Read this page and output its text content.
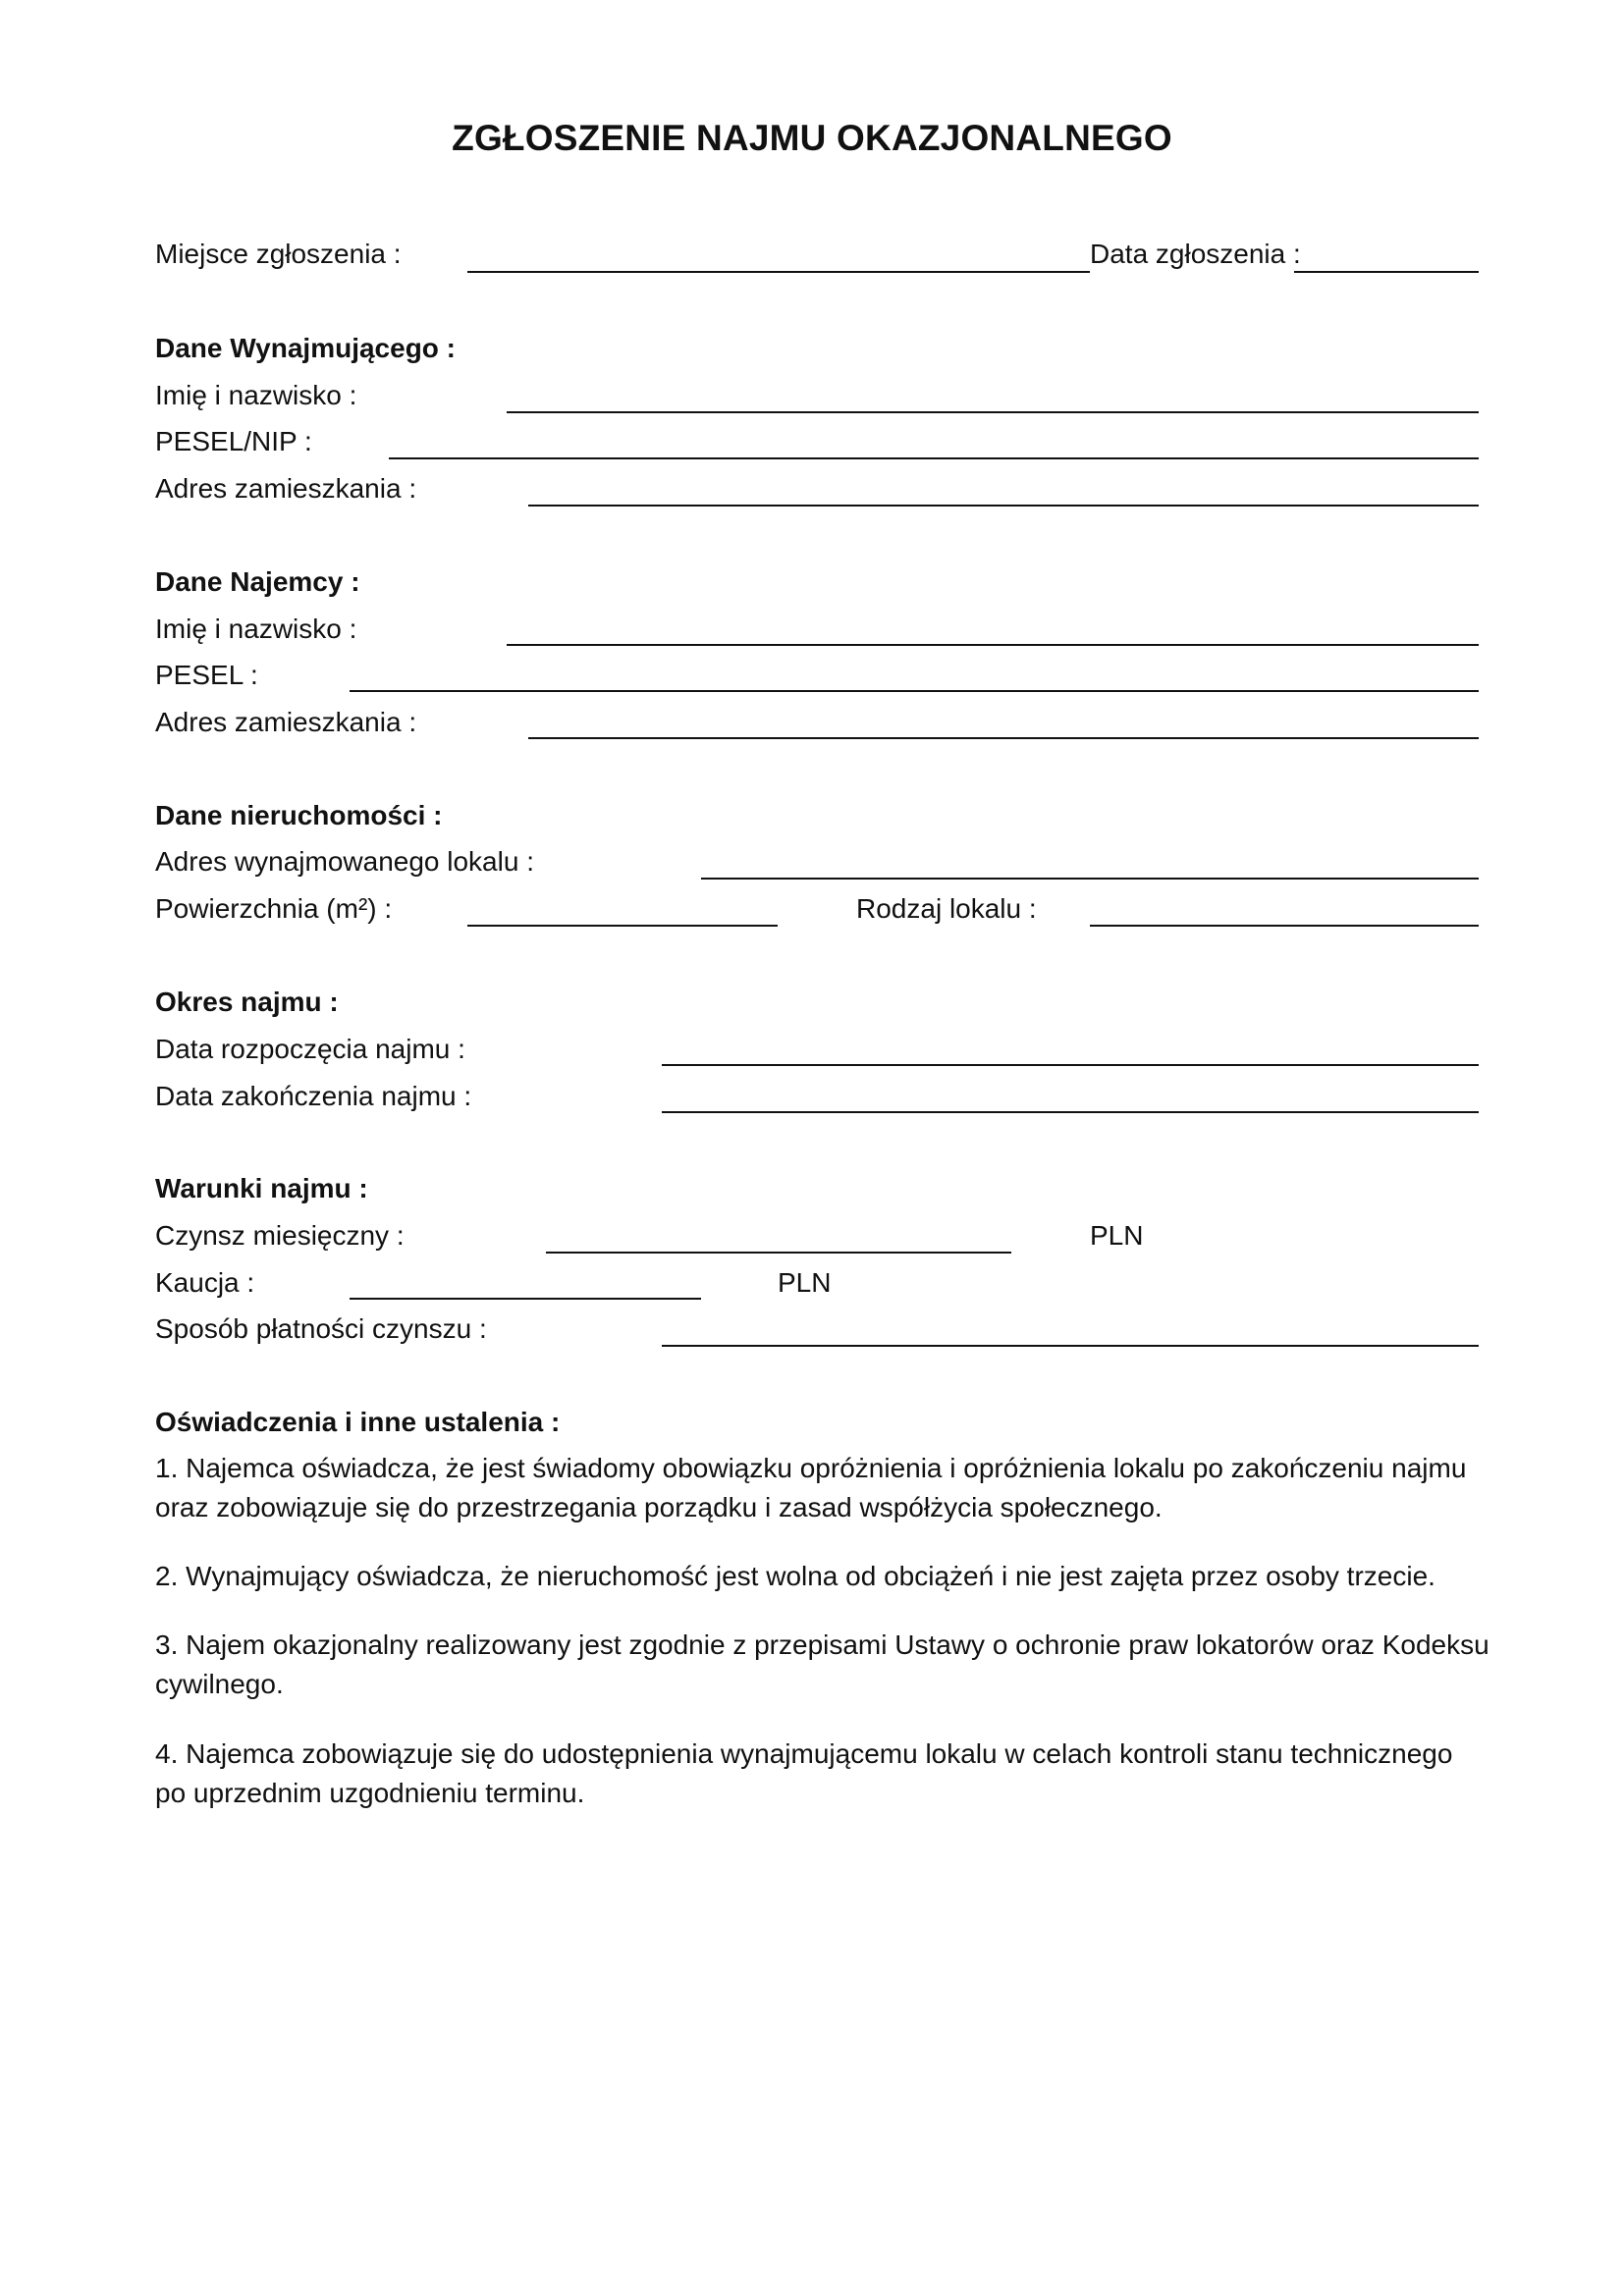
ZGŁOSZENIE NAJMU OKAZJONALNEGO
Miejsce zgłoszenia :	Data zgłoszenia :
Dane Wynajmującego :
Imię i nazwisko :
PESEL/NIP :
Adres zamieszkania :
Dane Najemcy :
Imię i nazwisko :
PESEL :
Adres zamieszkania :
Dane nieruchomości :
Adres wynajmowanego lokalu :
Powierzchnia (m²) :	Rodzaj lokalu :
Okres najmu :
Data rozpoczęcia najmu :
Data zakończenia najmu :
Warunki najmu :
Czynsz miesięczny :	PLN
Kaucja :	PLN
Sposób płatności czynszu :
Oświadczenia i inne ustalenia :
1. Najemca oświadcza, że jest świadomy obowiązku opróżnienia i opróżnienia lokalu po zakończeniu najmu oraz zobowiązuje się do przestrzegania porządku i zasad współżycia społecznego.
2. Wynajmujący oświadcza, że nieruchomość jest wolna od obciążeń i nie jest zajęta przez osoby trzecie.
3. Najem okazjonalny realizowany jest zgodnie z przepisami Ustawy o ochronie praw lokatorów oraz Kodeksu cywilnego.
4. Najemca zobowiązuje się do udostępnienia wynajmującemu lokalu w celach kontroli stanu technicznego po uprzednim uzgodnieniu terminu.
